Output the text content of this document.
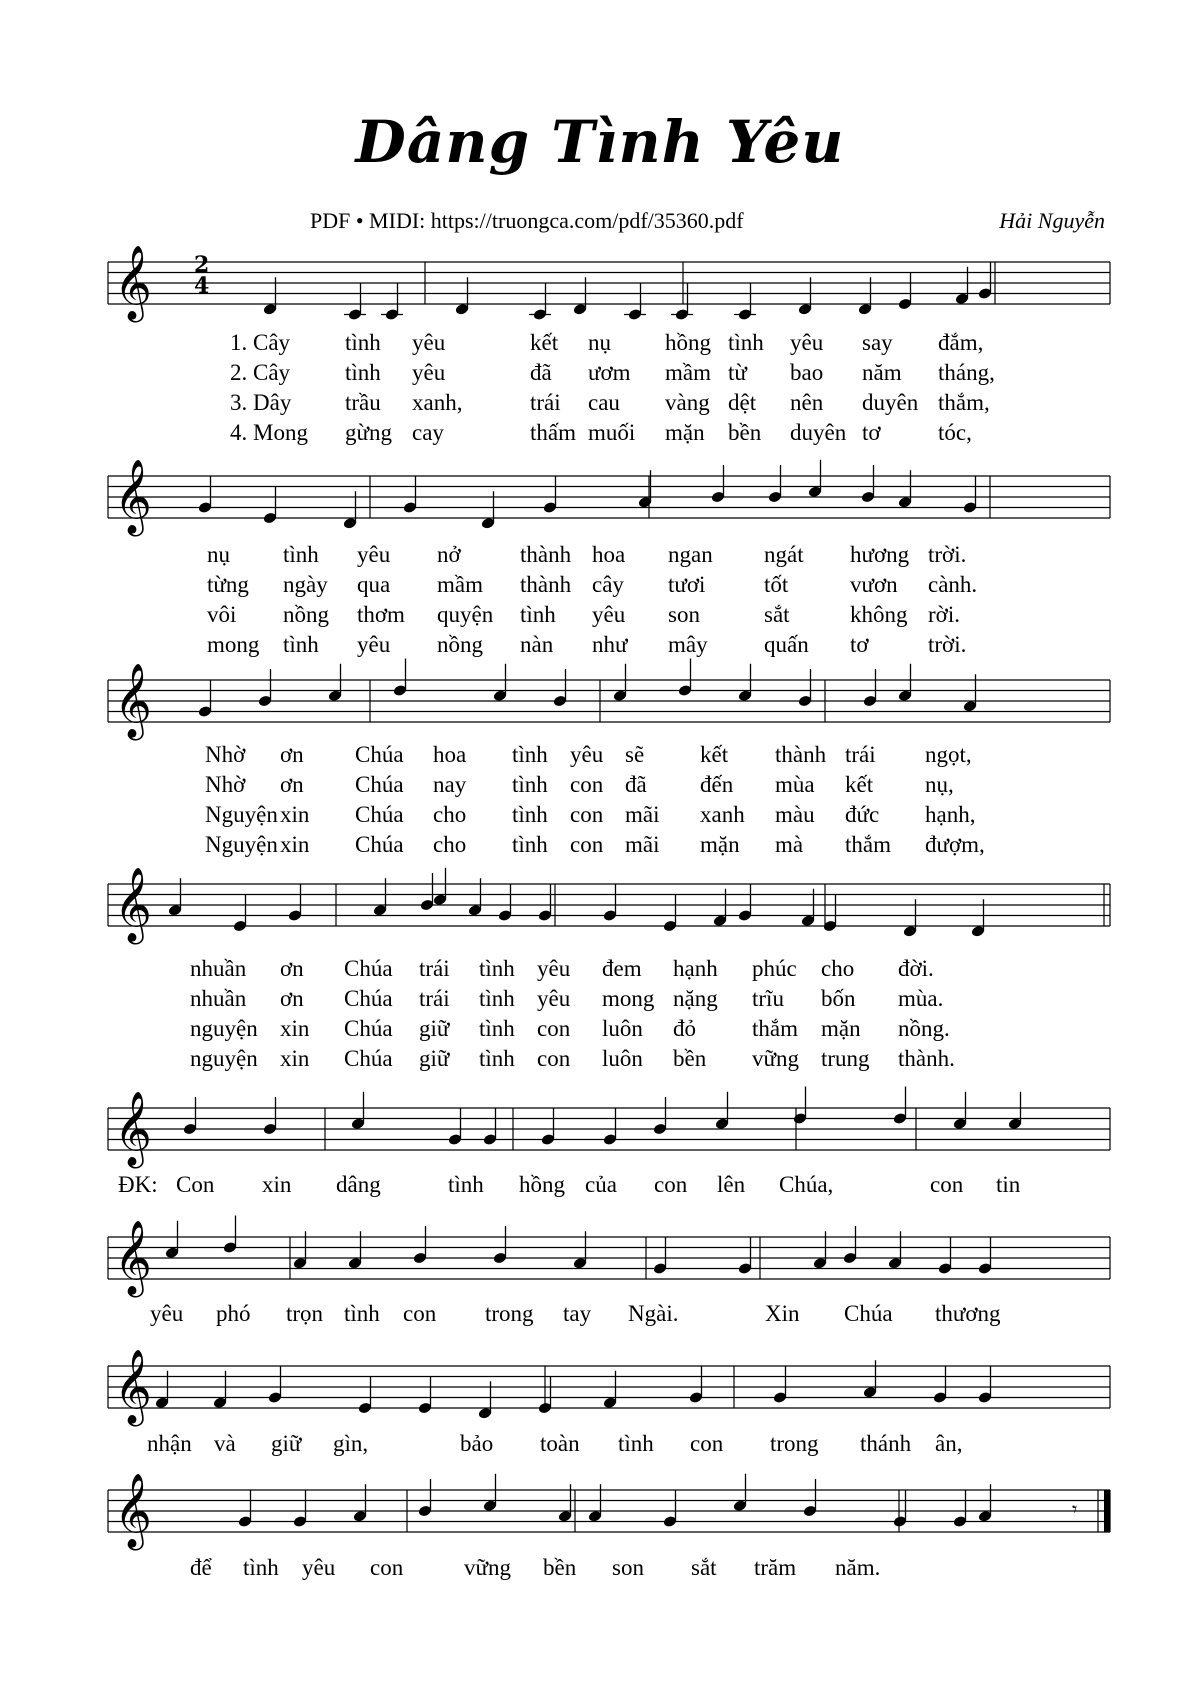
Dâng Tình Yêu
PDF • MIDI: https://truongca.com/pdf/35360.pdf	Hải Nguyễn
𝄞
𝄞
𝄞
𝄞
𝄞
𝄞
𝄞
𝄞
2
4
𝄾
1. Cây tình yêu	kết nụ hồng tình yêu say đắm,
2. Cây tình yêu	đã ươm mầm từ bao năm tháng,
3. Dây trầu xanh,	trái cau vàng dệt nên duyên thắm,
4. Mong gừng cay	thấm muối mặn bền duyên tơ tóc,
nụ tình yêu nở	thành hoa ngan ngát hương trời.
từng ngày qua mầm thành cây tươi	tốt	vươn cành.
vôi nồng thơm quyện tình yêu son	sắt	không rời.
mong tình yêu nồng nàn như mây quấn tơ	trời.
Nhờ ơn Chúa hoa tình yêu sẽ kết thành trái ngọt,
Nhờ ơn Chúa nay tình con đã đến mùa kết nụ,
Nguyện xin Chúa cho tình con mãi xanh màu đức hạnh,
Nguyện xin Chúa cho tình con mãi mặn mà thắm đượm,
nhuần ơn Chúa trái tình yêu đem hạnh phúc cho đời.
nhuần ơn Chúa trái tình yêu mong nặng trĩu bốn mùa.
nguyện xin Chúa giữ tình con luôn đỏ thắm mặn nồng.
nguyện xin Chúa giữ tình con luôn bền vững trung thành.
Con xin dâng	tình hồng của con lên Chúa,	con tin
yêu phó trọn tình con trong tay Ngài.	Xin Chúa thương
nhận và giữ gìn,	bảo toàn tình con trong thánh ân,
để tình yêu con	vững bền son sắt trăm năm.
ĐK:
